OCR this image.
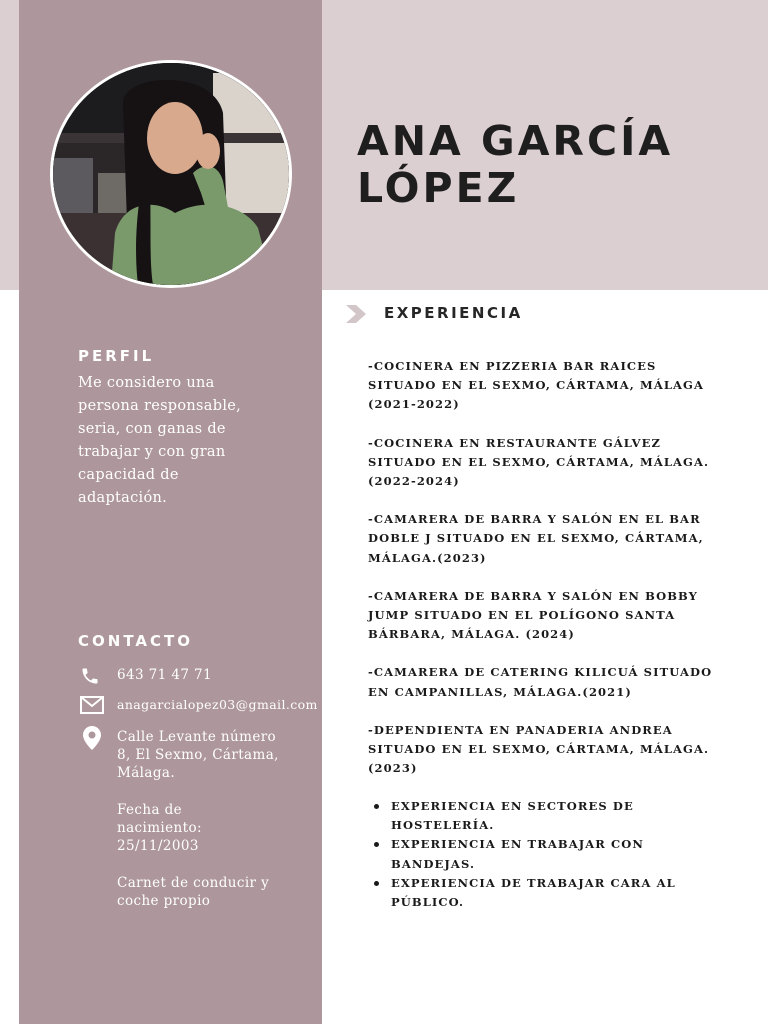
ANA GARCÍA
LÓPEZ
PERFIL

Me considero una persona responsable, seria, con ganas de trabajar y con gran capacidad de adaptación.

CONTACTO
643 71 47 71
anagarcialopez03@gmail.com

Calle Levante número 8, El Sexmo, Cártama, Málaga.

Fecha de nacimiento: 25/11/2003

Carnet de conducir y coche propio

EXPERIENCIA

-COCINERA EN PIZZERIA BAR RAICES
SITUADO EN EL SEXMO, CÁRTAMA, MÁLAGA
(2021-2022)

-COCINERA EN RESTAURANTE GÁLVEZ
SITUADO EN EL SEXMO, CÁRTAMA, MÁLAGA.
(2022-2024)

-CAMARERA DE BARRA Y SALÓN EN EL BAR
DOBLE J SITUADO EN EL SEXMO, CÁRTAMA,
MÁLAGA.(2023)

-CAMARERA DE BARRA Y SALÓN EN BOBBY
JUMP SITUADO EN EL POLÍGONO SANTA
BÁRBARA, MÁLAGA. (2024)

-CAMARERA DE CATERING KILICUÁ SITUADO
EN CAMPANILLAS, MÁLAGA.(2021)

-DEPENDIENTA EN PANADERIA ANDREA
SITUADO EN EL SEXMO, CÁRTAMA, MÁLAGA.
(2023)

EXPERIENCIA EN SECTORES DE
HOSTELERÍA.
EXPERIENCIA EN TRABAJAR CON
BANDEJAS.
EXPERIENCIA DE TRABAJAR CARA AL
PÚBLICO.
